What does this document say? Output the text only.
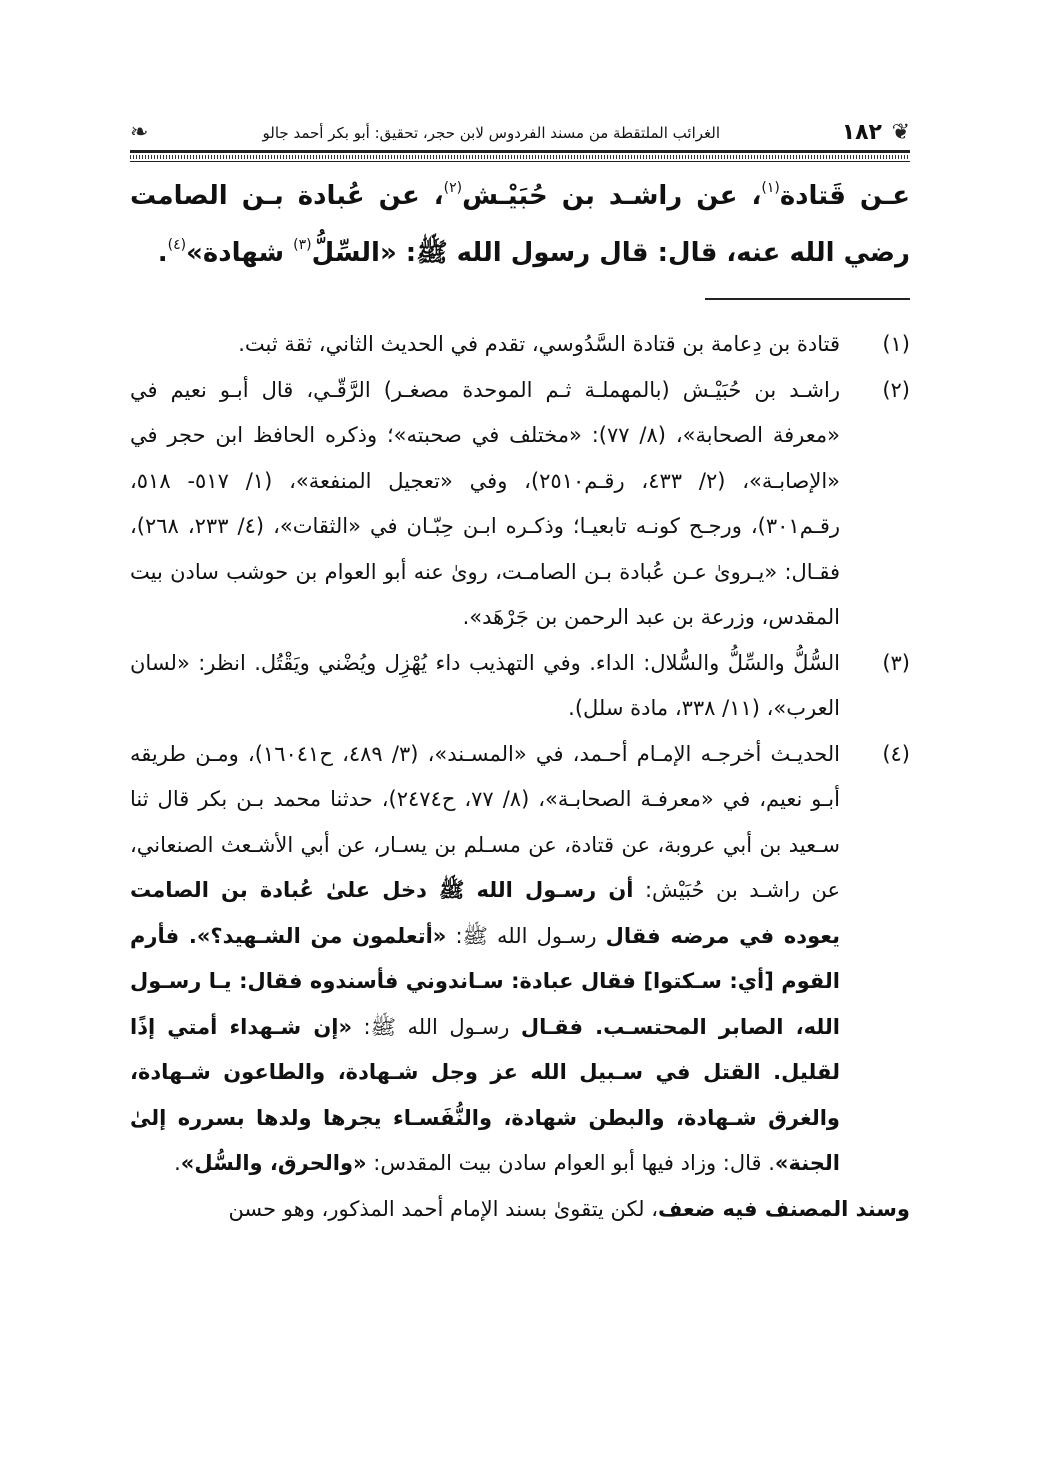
❦
١٨٢
الغرائب الملتقطة من مسند الفردوس لابن حجر، تحقيق: أبو بكر أحمد جالو
❧

عـن قَتادة$^{(١)}$، عن راشـد بن حُبَيْـش$^{(٢)}$، عن عُبادة بـن الصامت رضي الله عنه، قال: قال رسول الله ﷺ: «السِّلُّ$^{(٣)}$ شهادة»$^{(٤)}$.

(١)
قتادة بن دِعامة بن قتادة السَّدُوسي، تقدم في الحديث الثاني، ثقة ثبت.
(٢)
راشـد بن حُبَيْـش (بالمهملـة ثـم الموحدة مصغـر) الرَّقّـي، قال أبـو نعيم في «معرفة الصحابة»، (٨/ ٧٧): «مختلف في صحبته»؛ وذكره الحافظ ابن حجر في «الإصابـة»، (٢/ ٤٣٣، رقـم٢٥١٠)، وفي «تعجيل المنفعة»، (١/ ٥١٧- ٥١٨، رقـم٣٠١)، ورجـح كونـه تابعيـا؛ وذكـره ابـن حِبّـان في «الثقات»، (٤/ ٢٣٣، ٢٦٨)، فقـال: «يـروىٰ عـن عُبادة بـن الصامـت، روىٰ عنه أبو العوام بن حوشب سادن بيت المقدس، وزرعة بن عبد الرحمن بن جَرْهَد».
(٣)
السُّلُّ والسِّلُّ والسُّلال: الداء. وفي التهذيب داء يُهْزِل ويُضْني ويَقْتُل. انظر: «لسان العرب»، (١١/ ٣٣٨، مادة سلل).
(٤)
الحديـث أخرجـه الإمـام أحـمد، في «المسـند»، (٣/ ٤٨٩، ح١٦٠٤١)، ومـن طريقه أبـو نعيم، في «معرفـة الصحابـة»، (٨/ ٧٧، ح٢٤٧٤)، حدثنا محمد بـن بكر قال ثنا سـعيد بن أبي عروبة، عن قتادة، عن مسـلم بن يسـار، عن أبي الأشـعث الصنعاني، عن راشـد بن حُبَيْش: أن رسـول الله ﷺ دخل علىٰ عُبادة بن الصامت يعوده في مرضه فقال رسـول الله ﷺ: «أتعلمون من الشـهيد؟». فأرم القوم [أي: سـكتوا] فقال عبادة: سـاندوني فأسندوه فقال: يـا رسـول الله، الصابر المحتسـب. فقـال رسـول الله ﷺ: «إن شـهداء أمتي إذًا لقليل. القتل في سـبيل الله عز وجل شـهادة، والطاعون شـهادة، والغرق شـهادة، والبطن شهادة، والنُّفَسـاء يجرها ولدها بسرره إلىٰ الجنة». قال: وزاد فيها أبو العوام سادن بيت المقدس: «والحرق، والسُّل».
وسند المصنف فيه ضعف، لكن يتقوىٰ بسند الإمام أحمد المذكور، وهو حسن
